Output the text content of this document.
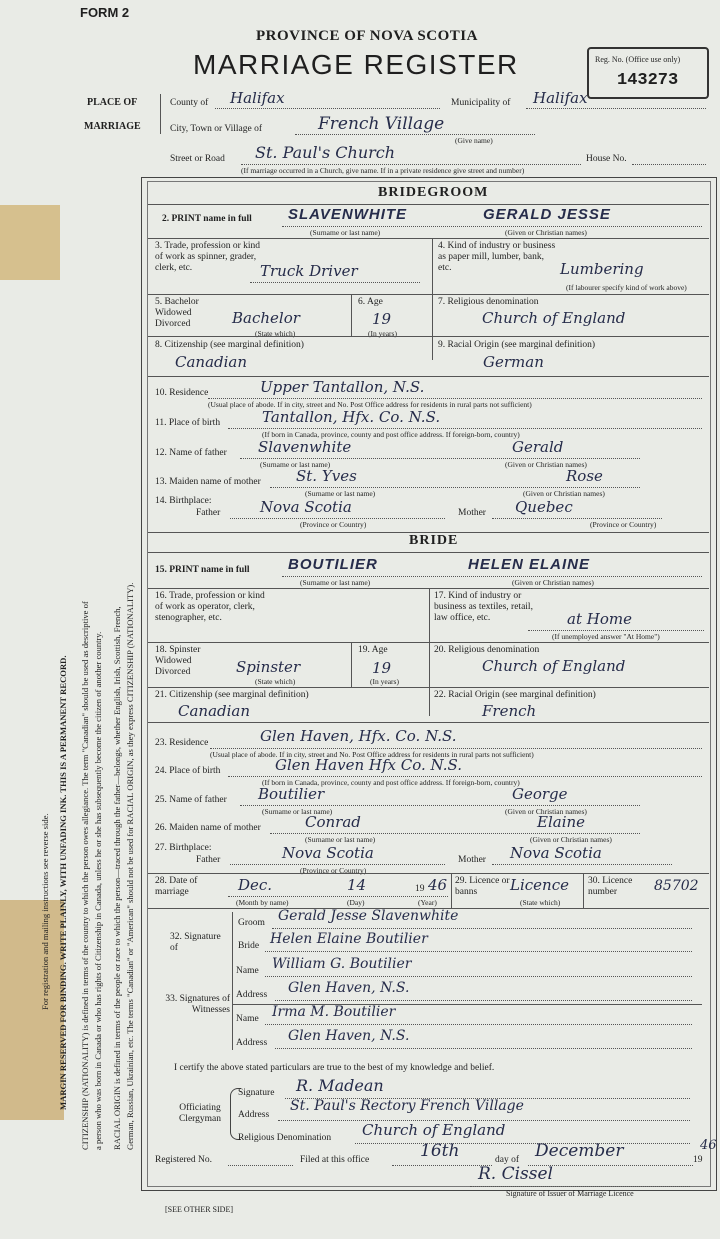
FORM 2
PROVINCE OF NOVA SCOTIA
MARRIAGE REGISTER	Reg. No. (Office use only)
143273
PLACE OF
MARRIAGE
County of Halifax	Municipality of Halifax
City, Town or Village of	French Village
(Give name)
Street or Road St. Paul's Church	House No.
(If marriage occurred in a Church, give name. If in a private residence give street and number)
BRIDEGROOM
2. PRINT name in full SLAVENWHITE	GERALD JESSE
(Surname or last name)	(Given or Christian names)
3. Trade, profession or kind of work as spinner, grader, clerk, etc.	Truck Driver
4. Kind of industry or business as paper mill, lumber, bank, etc.	Lumbering
(If labourer specify kind of work above)
5. Bachelor Widowed Divorced	Bachelor
(State which)
6. Age
19
(In years)
7. Religious denomination
Church of England
8. Citizenship (see marginal definition)
Canadian
9. Racial Origin (see marginal definition)
German
10. Residence	Upper Tantallon, N.S.
(Usual place of abode. If in city, street and No. Post Office address for residents in rural parts not sufficient)
11. Place of birth	Tantallon, Hfx. Co. N.S.
(If born in Canada, province, county and post office address. If foreign-born, country)
12. Name of father Slavenwhite	Gerald
(Surname or last name)	(Given or Christian names)
13. Maiden name of mother St. Yves	Rose
(Surname or last name)	(Given or Christian names)
14. Birthplace:
Father	Nova Scotia	Mother Quebec
(Province or Country)	(Province or Country)
BRIDE
15. PRINT name in full	BOUTILIER	HELEN ELAINE
(Surname or last name)	(Given or Christian names)
16. Trade, profession or kind of work as operator, clerk, stenographer, etc.
17. Kind of industry or business as textiles, retail, law office, etc.	at Home
(If unemployed answer "At Home")
18. Spinster Widowed Divorced	Spinster
(State which)
19. Age
19
(In years)
20. Religious denomination
Church of England
21. Citizenship (see marginal definition)
Canadian
22. Racial Origin (see marginal definition)
French
23. Residence	Glen Haven, Hfx. Co. N.S.
(Usual place of abode. If in city, street and No. Post Office address for residents in rural parts not sufficient)
24. Place of birth	Glen Haven Hfx Co. N.S.
(If born in Canada, province, county and post office address. If foreign-born, country)
25. Name of father Boutilier	George
(Surname or last name)	(Given or Christian names)
26. Maiden name of mother	Conrad	Elaine
(Surname or last name)	(Given or Christian names)
27. Birthplace:
Father	Nova Scotia	Mother Nova Scotia
(Province or Country)
28. Date of marriage	Dec.	14	19 46
(Month by name)	(Day)	(Year)
29. Licence or banns	Licence
(State which)
30. Licence number	85702
32. Signature of
Groom Gerald Jesse Slavenwhite
Bride Helen Elaine Boutilier
33. Signatures of Witnesses
Name William G. Boutilier
Address Glen Haven, N.S.
Name Irma M. Boutilier
Address Glen Haven, N.S.
I certify the above stated particulars are true to the best of my knowledge and belief.
Officiating Clergyman
Signature R. Madean
Address
St. Paul's Rectory French Village
Religious Denomination Church of England
Registered No.	Filed at this office	16th	day of December	19
46
R. Cissel
Signature of Issuer of Marriage Licence
[SEE OTHER SIDE]
For registration and mailing instructions see reverse side. MARGIN RESERVED FOR BINDING. WRITE PLAINLY, WITH UNFADING INK. THIS IS A PERMANENT RECORD. CITIZENSHIP (NATIONALITY) is defined in terms of the country to which the person owes allegiance. The term "Canadian" should be used as descriptive of a person who was born in Canada or who has rights of Citizenship in Canada, unless he or she has subsequently become the citizen of another country. RACIAL ORIGIN is defined in terms of the people or race to which the person—traced through the father—belongs, whether English, Irish, Scottish, French, German, Russian, Ukrainian, etc. The terms "Canadian" or "American" should not be used for RACIAL ORIGIN, as they express CITIZENSHIP (NATIONALITY).
